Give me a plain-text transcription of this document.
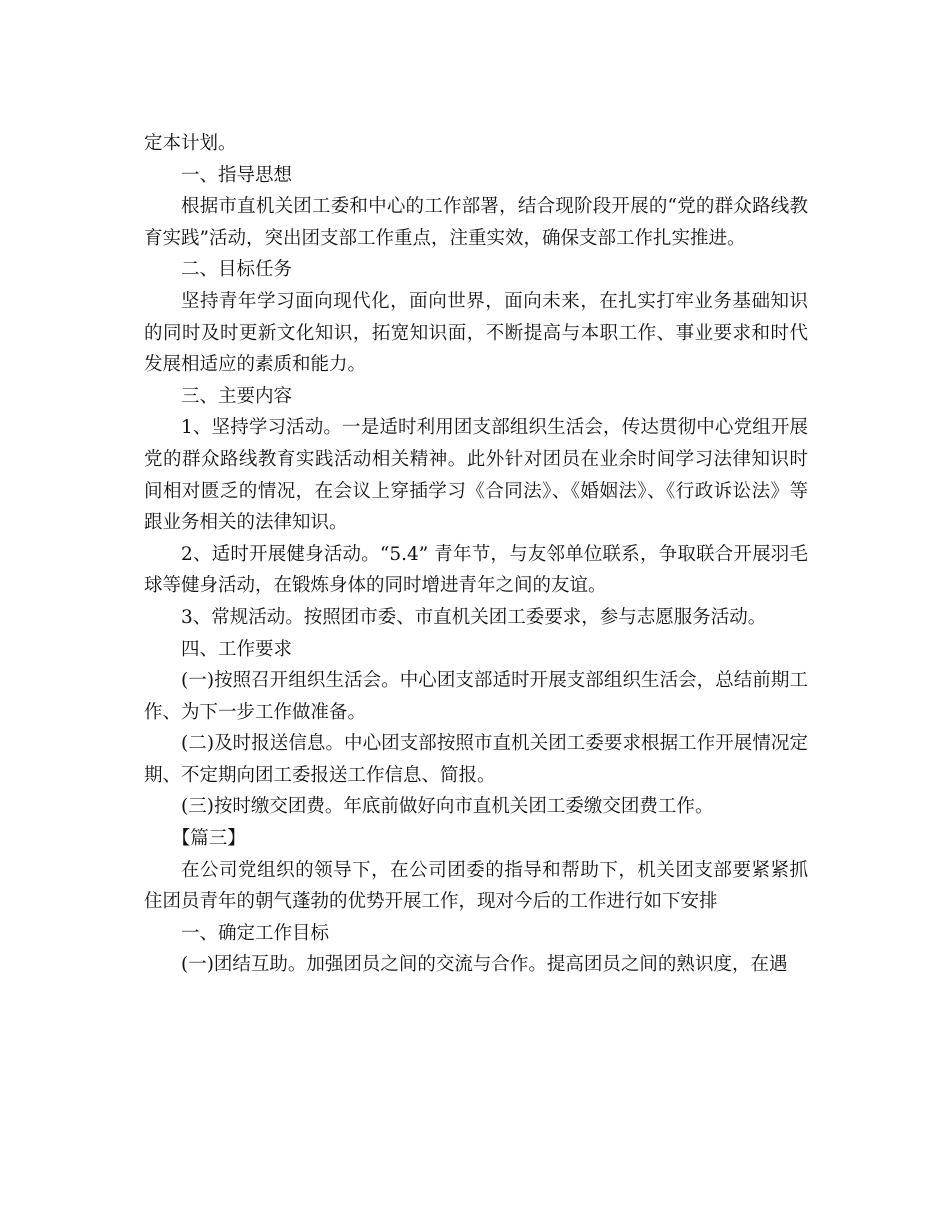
定本计划。

一、指导思想

根据市直机关团工委和中心的工作部署，结合现阶段开展的“党的群众路线教育实践”活动，突出团支部工作重点，注重实效，确保支部工作扎实推进。

二、目标任务

坚持青年学习面向现代化，面向世界，面向未来，在扎实打牢业务基础知识的同时及时更新文化知识，拓宽知识面，不断提高与本职工作、事业要求和时代发展相适应的素质和能力。

三、主要内容

1、坚持学习活动。一是适时利用团支部组织生活会，传达贯彻中心党组开展党的群众路线教育实践活动相关精神。此外针对团员在业余时间学习法律知识时间相对匮乏的情况，在会议上穿插学习《合同法》、《婚姻法》、《行政诉讼法》等跟业务相关的法律知识。

2、适时开展健身活动。“5.4” 青年节，与友邻单位联系，争取联合开展羽毛球等健身活动，在锻炼身体的同时增进青年之间的友谊。

3、常规活动。按照团市委、市直机关团工委要求，参与志愿服务活动。

四、工作要求

(一)按照召开组织生活会。中心团支部适时开展支部组织生活会，总结前期工作、为下一步工作做准备。

(二)及时报送信息。中心团支部按照市直机关团工委要求根据工作开展情况定期、不定期向团工委报送工作信息、简报。

(三)按时缴交团费。年底前做好向市直机关团工委缴交团费工作。

【篇三】

在公司党组织的领导下，在公司团委的指导和帮助下，机关团支部要紧紧抓住团员青年的朝气蓬勃的优势开展工作，现对今后的工作进行如下安排

一、确定工作目标

(一)团结互助。加强团员之间的交流与合作。提高团员之间的熟识度，在遇
